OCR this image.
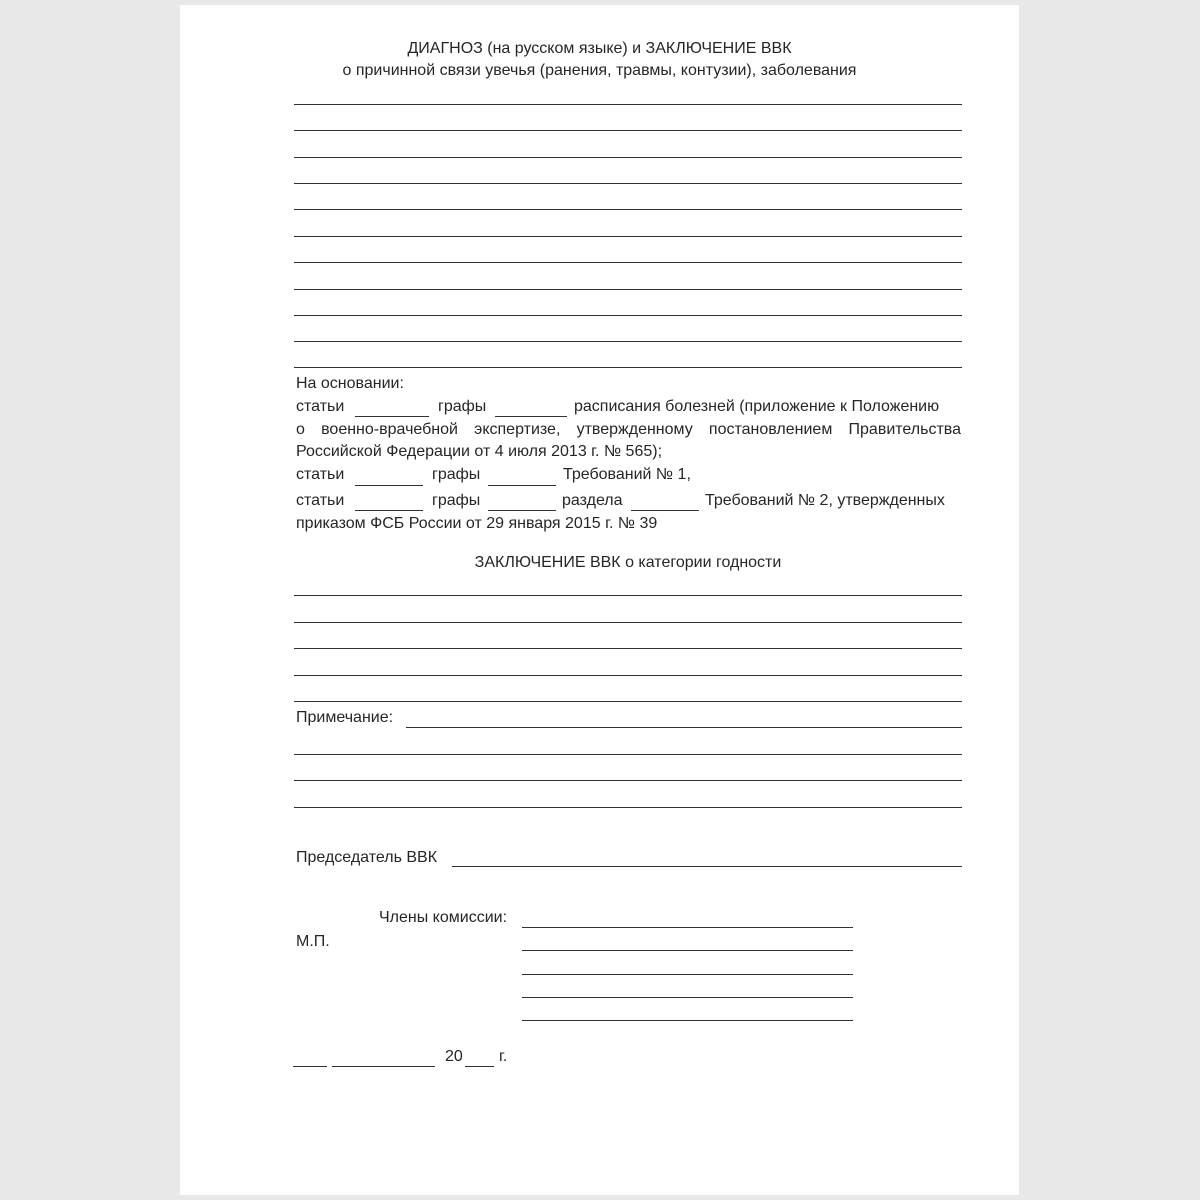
ДИАГНОЗ (на русском языке) и ЗАКЛЮЧЕНИЕ ВВК
о причинной связи увечья (ранения, травмы, контузии), заболевания
На основании:
статьи	графы	расписания болезней (приложение к Положению
о военно-врачебной экспертизе, утвержденному постановлением Правительства
Российской Федерации от 4 июля 2013 г. № 565);
статьи	графы	Требований № 1,
статьи	графы	раздела	Требований № 2, утвержденных
приказом ФСБ России от 29 января 2015 г. № 39
ЗАКЛЮЧЕНИЕ ВВК о категории годности
Примечание:
Председатель ВВК
Члены комиссии:
М.П.
20 г.
